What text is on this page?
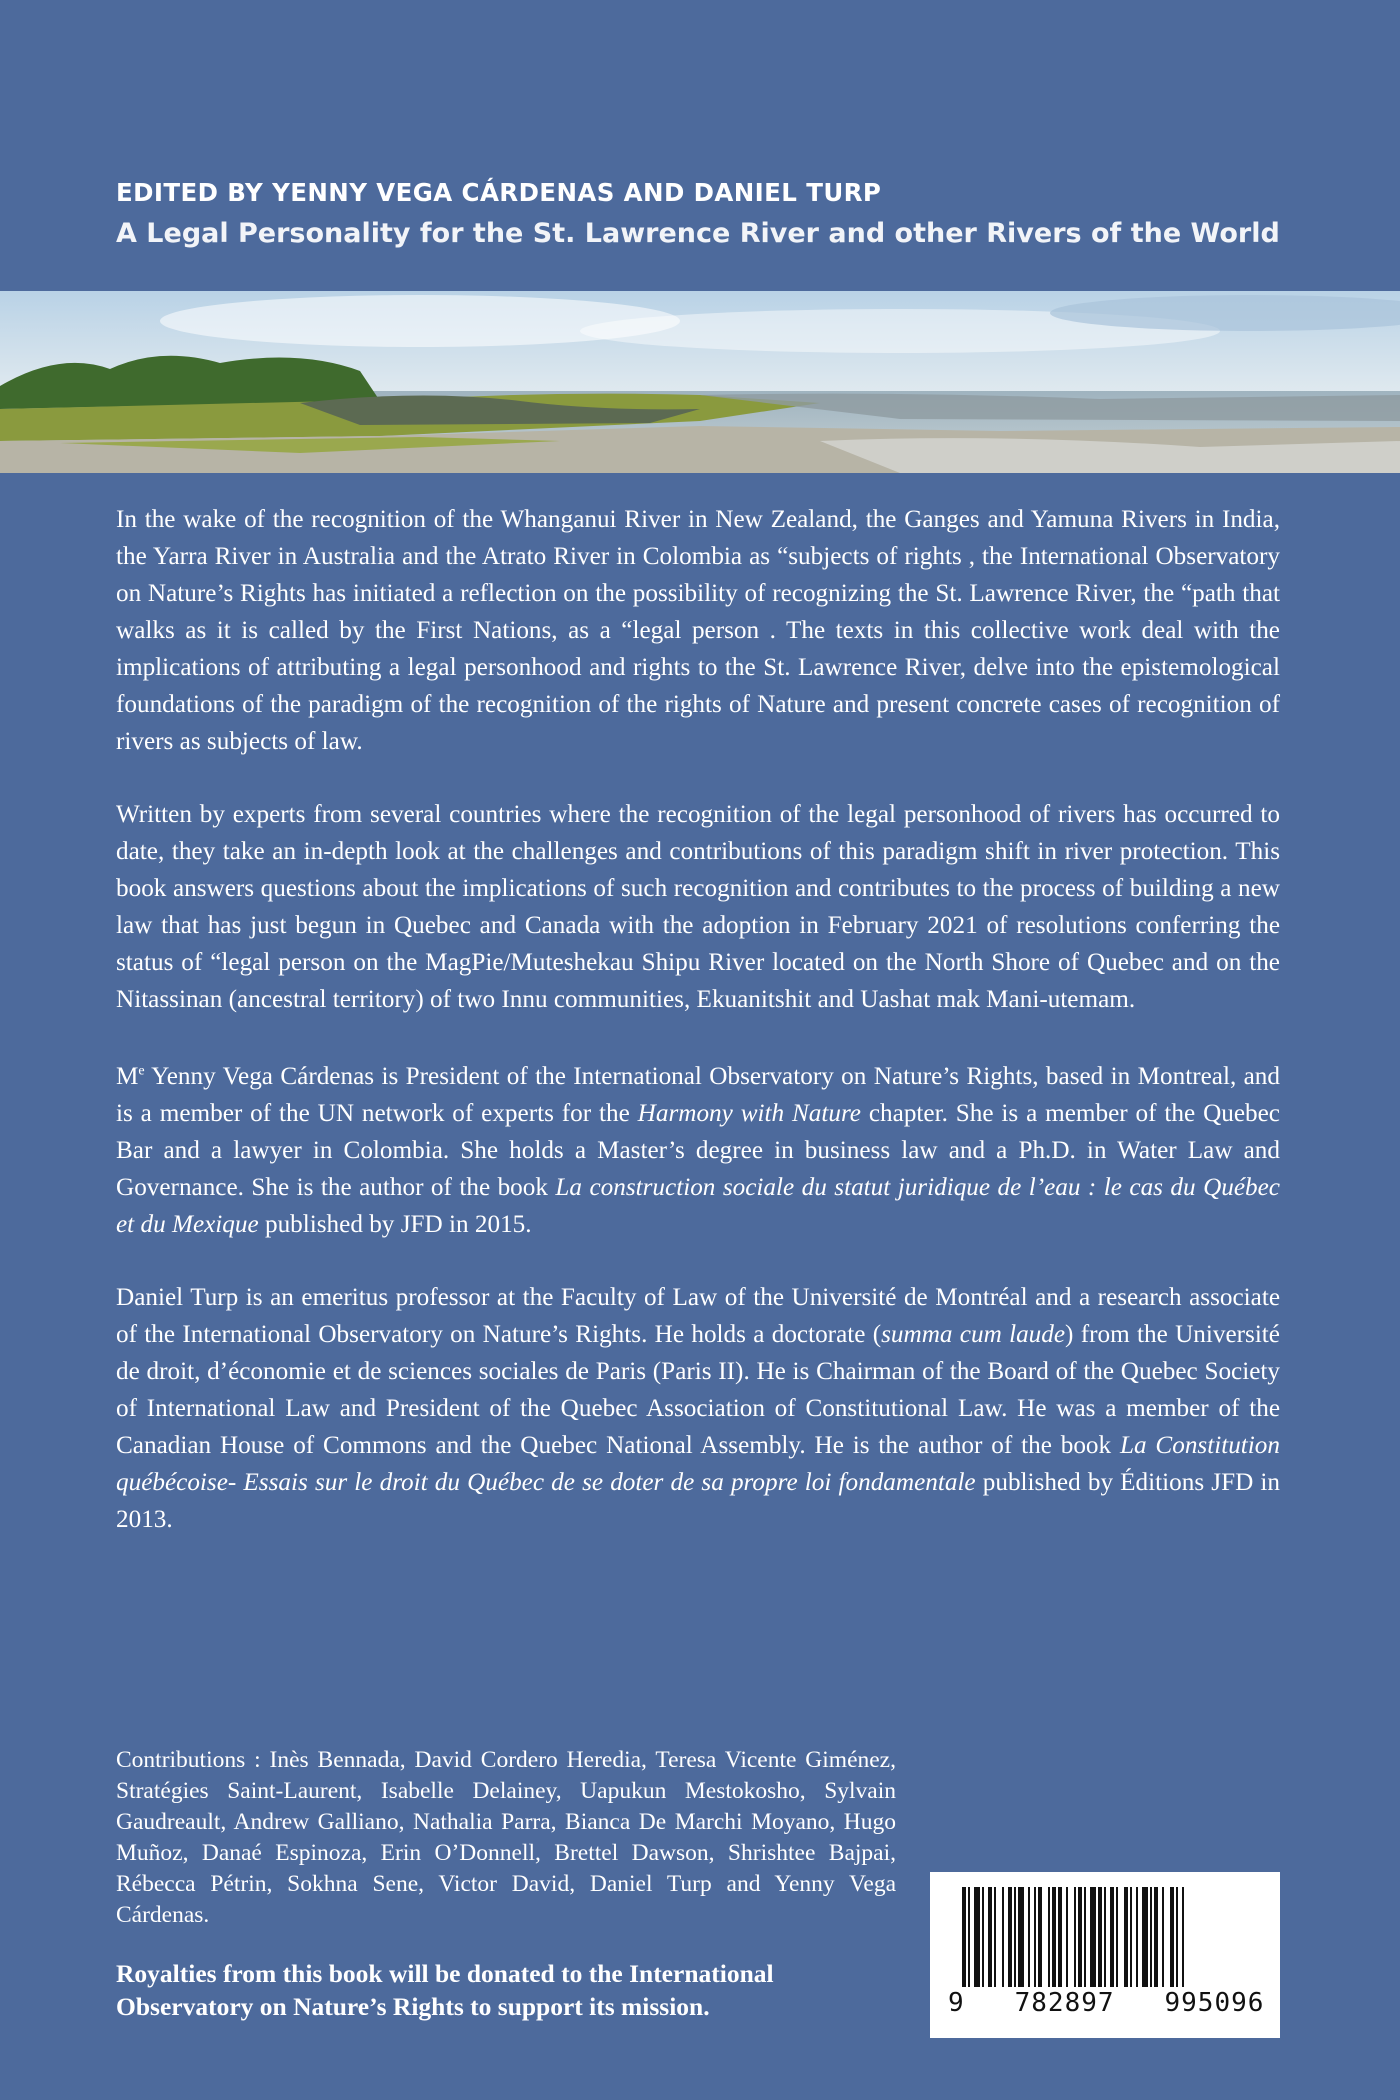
EDITED BY YENNY VEGA CÁRDENAS AND DANIEL TURP

A Legal Personality for the St. Lawrence River and other Rivers of the World

In the wake of the recognition of the Whanganui River in New Zealand, the Ganges and Yamuna Rivers in India, the Yarra River in Australia and the Atrato River in Colombia as “subjects of rights , the International Observatory on Nature’s Rights has initiated a reflection on the possibility of recognizing the St. Lawrence River, the “path that walks as it is called by the First Nations, as a “legal person . The texts in this collective work deal with the implications of attributing a legal personhood and rights to the St. Lawrence River, delve into the epistemological foundations of the paradigm of the recognition of the rights of Nature and present concrete cases of recognition of rivers as subjects of law.

Written by experts from several countries where the recognition of the legal personhood of rivers has occurred to date, they take an in-depth look at the challenges and contributions of this paradigm shift in river protection. This book answers questions about the implications of such recognition and contributes to the process of building a new law that has just begun in Quebec and Canada with the adoption in February 2021 of resolutions conferring the status of “legal person on the MagPie/Muteshekau Shipu River located on the North Shore of Quebec and on the Nitassinan (ancestral territory) of two Innu communities, Ekuanitshit and Uashat mak Mani-utemam.

Me Yenny Vega Cárdenas is President of the International Observatory on Nature’s Rights, based in Montreal, and is a member of the UN network of experts for the Harmony with Nature chapter. She is a member of the Quebec Bar and a lawyer in Colombia. She holds a Master’s degree in business law and a Ph.D. in Water Law and Governance. She is the author of the book La construction sociale du statut juridique de l’eau : le cas du Québec et du Mexique published by JFD in 2015.

Daniel Turp is an emeritus professor at the Faculty of Law of the Université de Montréal and a research associate of the International Observatory on Nature’s Rights. He holds a doctorate (summa cum laude) from the Université de droit, d’économie et de sciences sociales de Paris (Paris II). He is Chairman of the Board of the Quebec Society of International Law and President of the Quebec Association of Constitutional Law. He was a member of the Canadian House of Commons and the Quebec National Assembly. He is the author of the book La Constitution québécoise- Essais sur le droit du Québec de se doter de sa propre loi fondamentale published by Éditions JFD in 2013.

Contributions : Inès Bennada, David Cordero Heredia, Teresa Vicente Giménez, Stratégies Saint-Laurent, Isabelle Delainey, Uapukun Mestokosho, Sylvain Gaudreault, Andrew Galliano, Nathalia Parra, Bianca De Marchi Moyano, Hugo Muñoz, Danaé Espinoza, Erin O’Donnell, Brettel Dawson, Shrishtee Bajpai, Rébecca Pétrin, Sokhna Sene, Victor David, Daniel Turp and Yenny Vega Cárdenas.

Royalties from this book will be donated to the International Observatory on Nature’s Rights to support its mission.	9   782897   995096
